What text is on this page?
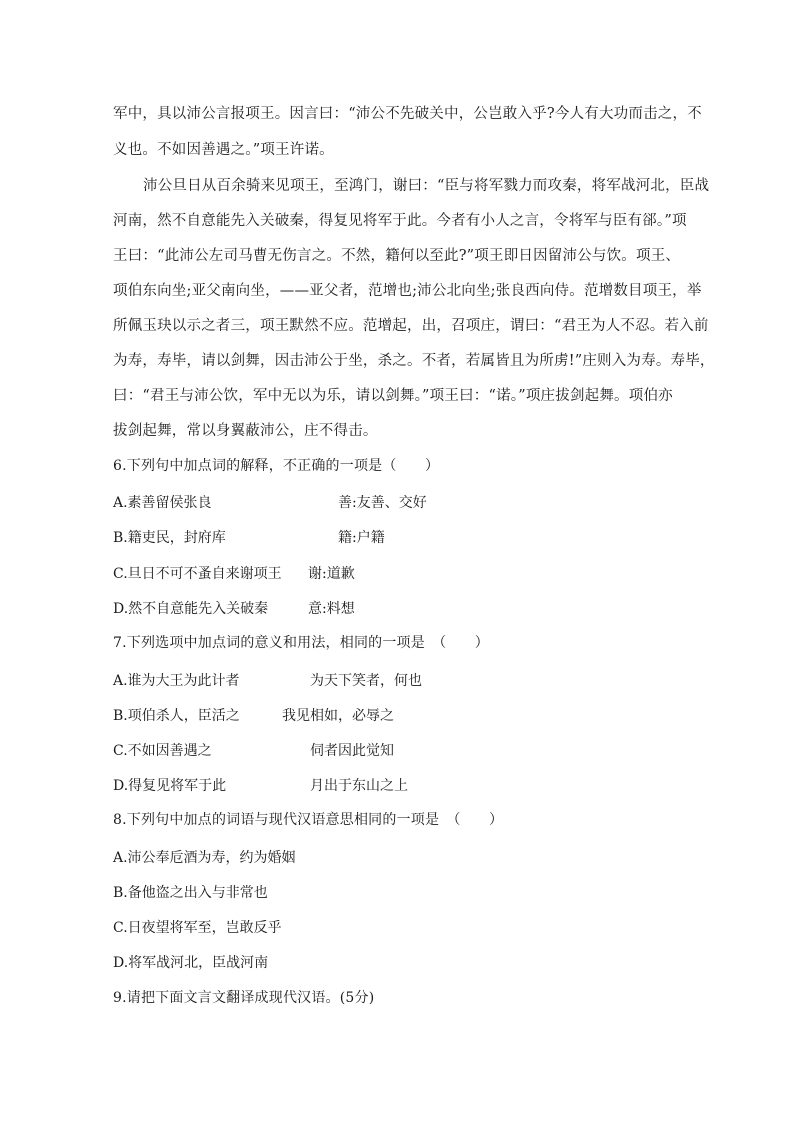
军中，具以沛公言报项王。因言曰：“沛公不先破关中，公岂敢入乎?今人有大功而击之，不
义也。不如因善遇之。”项王许诺。
沛公旦日从百余骑来见项王，至鸿门，谢曰：“臣与将军戮力而攻秦，将军战河北，臣战
河南，然不自意能先入关破秦，得复见将军于此。今者有小人之言，令将军与臣有郤。”项
王曰：“此沛公左司马曹无伤言之。不然，籍何以至此?”项王即日因留沛公与饮。项王、
项伯东向坐;亚父南向坐，——亚父者，范增也;沛公北向坐;张良西向侍。范增数目项王，举
所佩玉玦以示之者三，项王默然不应。范增起，出，召项庄，谓曰：“君王为人不忍。若入前
为寿，寿毕，请以剑舞，因击沛公于坐，杀之。不者，若属皆且为所虏!”庄则入为寿。寿毕，
曰：“君王与沛公饮，军中无以为乐，请以剑舞。”项王曰：“诺。”项庄拔剑起舞。项伯亦
拔剑起舞，常以身翼蔽沛公，庄不得击。
6.下列句中加点词的解释，不正确的一项是（　　）
A.素善留侯张良	善:友善、交好
B.籍吏民，封府库	籍:户籍
C.旦日不可不蚤自来谢项王 谢:道歉
D.然不自意能先入关破秦	意:料想
7.下列选项中加点词的意义和用法，相同的一项是　（　　）
A.谁为大王为此计者	为天下笑者，何也
B.项伯杀人，臣活之	我见相如，必辱之
C.不如因善遇之	伺者因此觉知
D.得复见将军于此	月出于东山之上
8.下列句中加点的词语与现代汉语意思相同的一项是　（　　）
A.沛公奉卮酒为寿，约为婚姻
B.备他盗之出入与非常也
C.日夜望将军至，岂敢反乎
D.将军战河北，臣战河南
9.请把下面文言文翻译成现代汉语。(5分)
